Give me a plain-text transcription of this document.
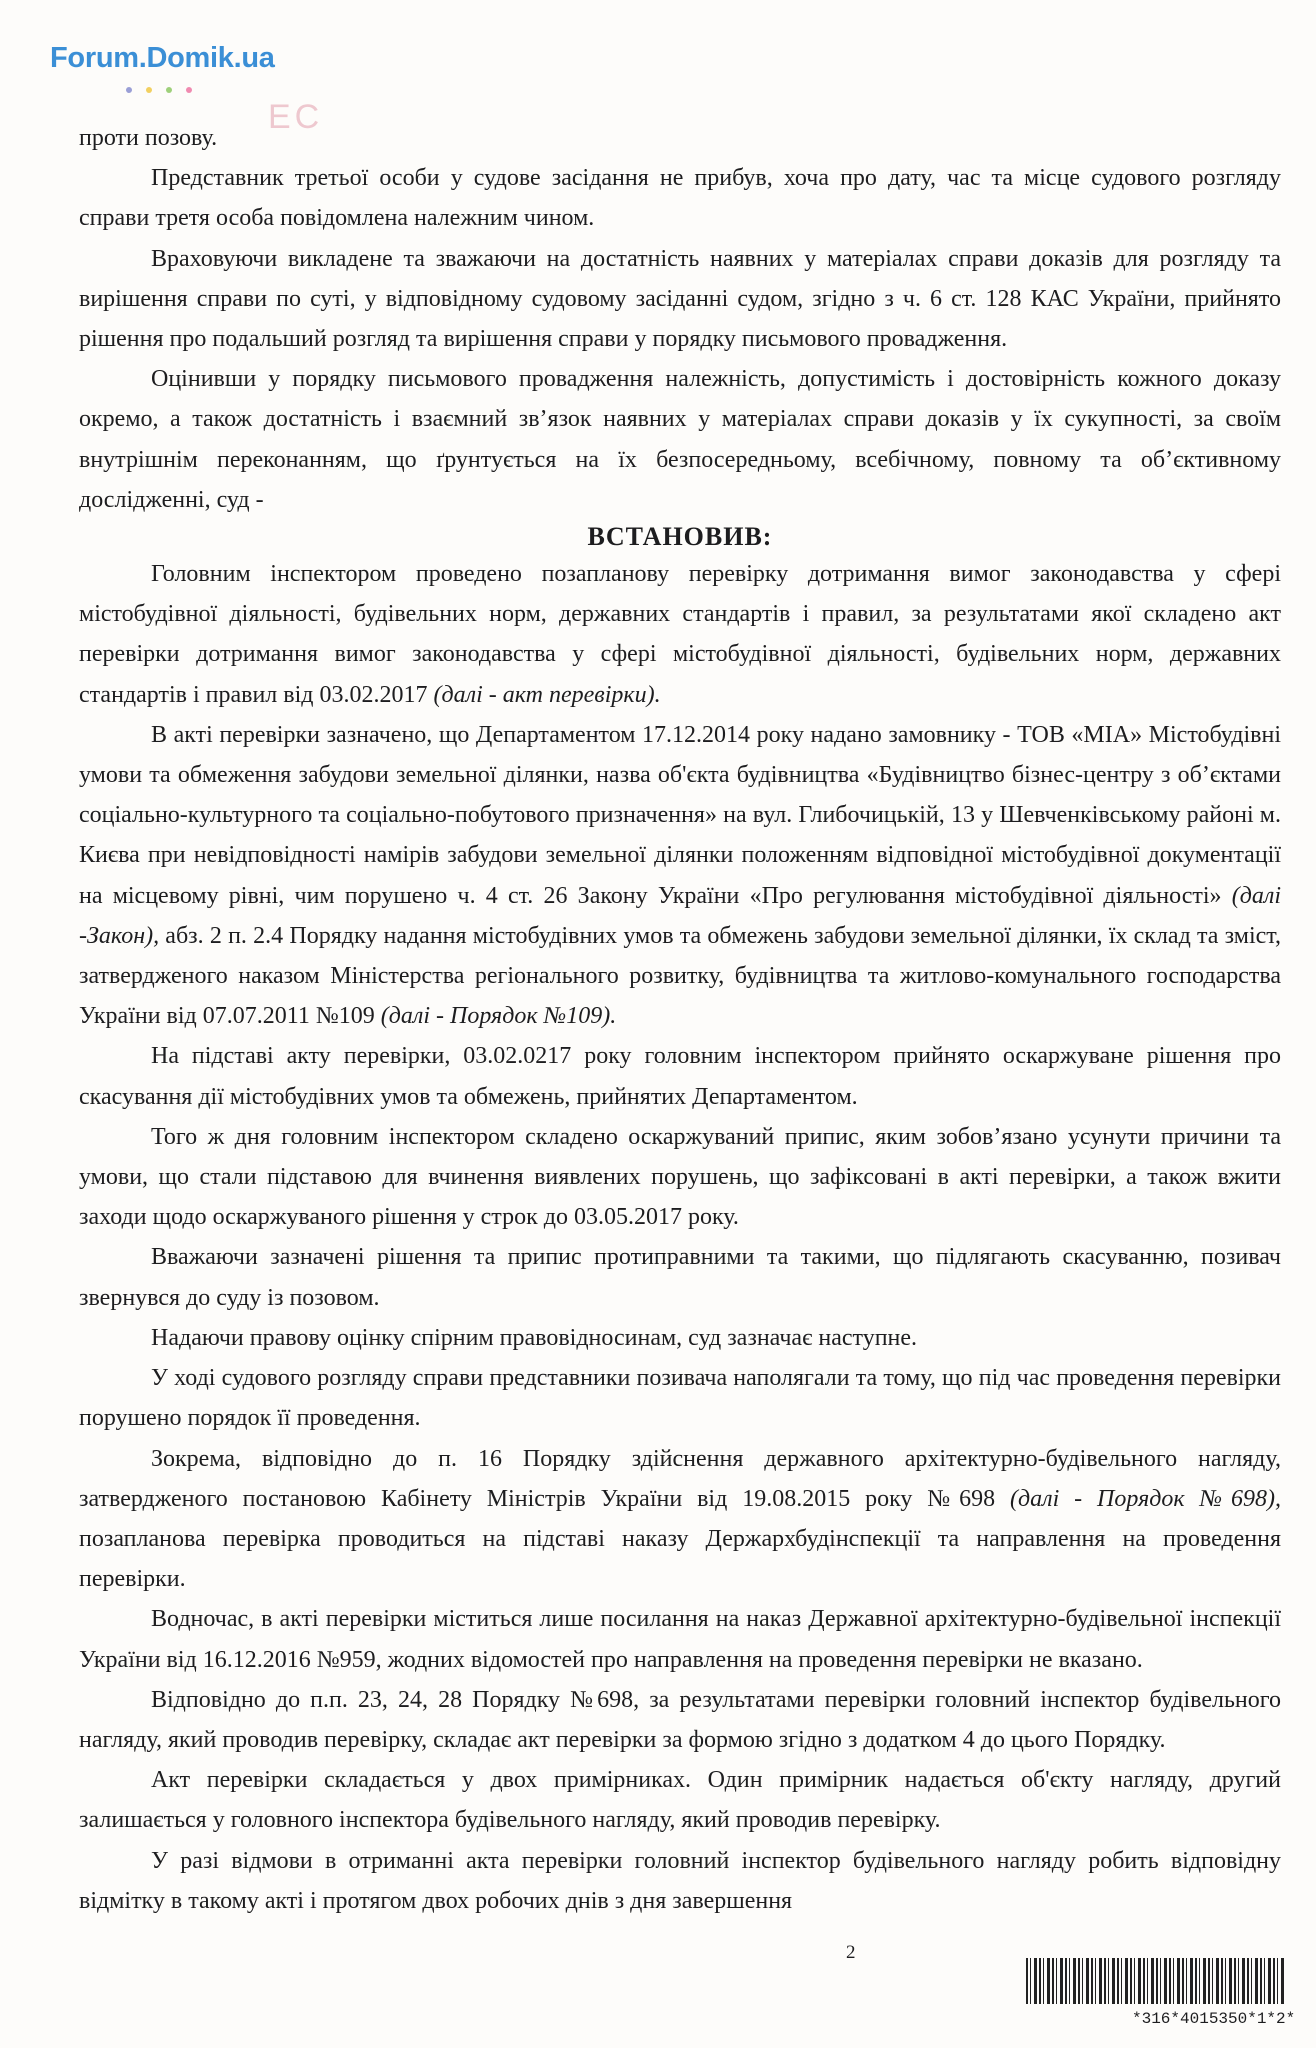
Forum.Domik.ua
ЕС

проти позову.

Представник третьої особи у судове засідання не прибув, хоча про дату, час та місце судового розгляду справи третя особа повідомлена належним чином.

Враховуючи викладене та зважаючи на достатність наявних у матеріалах справи доказів для розгляду та вирішення справи по суті, у відповідному судовому засіданні судом, згідно з ч. 6 ст. 128 КАС України, прийнято рішення про подальший розгляд та вирішення справи у порядку письмового провадження.

Оцінивши у порядку письмового провадження належність, допустимість і достовірність кожного доказу окремо, а також достатність і взаємний зв’язок наявних у матеріалах справи доказів у їх сукупності, за своїм внутрішнім переконанням, що ґрунтується на їх безпосередньому, всебічному, повному та об’єктивному дослідженні, суд -

ВСТАНОВИВ:

Головним інспектором проведено позапланову перевірку дотримання вимог законодавства у сфері містобудівної діяльності, будівельних норм, державних стандартів і правил, за результатами якої складено акт перевірки дотримання вимог законодавства у сфері містобудівної діяльності, будівельних норм, державних стандартів і правил від 03.02.2017 (далі - акт перевірки).

В акті перевірки зазначено, що Департаментом 17.12.2014 року надано замовнику - ТОВ «МІА» Містобудівні умови та обмеження забудови земельної ділянки, назва об'єкта будівництва «Будівництво бізнес-центру з об’єктами соціально-культурного та соціально-побутового призначення» на вул. Глибочицькій, 13 у Шевченківському районі м. Києва при невідповідності намірів забудови земельної ділянки положенням відповідної містобудівної документації на місцевому рівні, чим порушено ч. 4 ст. 26 Закону України «Про регулювання містобудівної діяльності» (далі -Закон), абз. 2 п. 2.4 Порядку надання містобудівних умов та обмежень забудови земельної ділянки, їх склад та зміст, затвердженого наказом Міністерства регіонального розвитку, будівництва та житлово-комунального господарства України від 07.07.2011 №109 (далі - Порядок №109).

На підставі акту перевірки, 03.02.0217 року головним інспектором прийнято оскаржуване рішення про скасування дії містобудівних умов та обмежень, прийнятих Департаментом.

Того ж дня головним інспектором складено оскаржуваний припис, яким зобов’язано усунути причини та умови, що стали підставою для вчинення виявлених порушень, що зафіксовані в акті перевірки, а також вжити заходи щодо оскаржуваного рішення у строк до 03.05.2017 року.

Вважаючи зазначені рішення та припис протиправними та такими, що підлягають скасуванню, позивач звернувся до суду із позовом.

Надаючи правову оцінку спірним правовідносинам, суд зазначає наступне.

У ході судового розгляду справи представники позивача наполягали та тому, що під час проведення перевірки порушено порядок її проведення.

Зокрема, відповідно до п. 16 Порядку здійснення державного архітектурно-будівельного нагляду, затвердженого постановою Кабінету Міністрів України від 19.08.2015 року №698 (далі - Порядок №698), позапланова перевірка проводиться на підставі наказу Держархбудінспекції та направлення на проведення перевірки.

Водночас, в акті перевірки міститься лише посилання на наказ Державної архітектурно-будівельної інспекції України від 16.12.2016 №959, жодних відомостей про направлення на проведення перевірки не вказано.

Відповідно до п.п. 23, 24, 28 Порядку №698, за результатами перевірки головний інспектор будівельного нагляду, який проводив перевірку, складає акт перевірки за формою згідно з додатком 4 до цього Порядку.

Акт перевірки складається у двох примірниках. Один примірник надається об'єкту нагляду, другий залишається у головного інспектора будівельного нагляду, який проводив перевірку.

У разі відмови в отриманні акта перевірки головний інспектор будівельного нагляду робить відповідну відмітку в такому акті і протягом двох робочих днів з дня завершення

2
*316*4015350*1*2*
